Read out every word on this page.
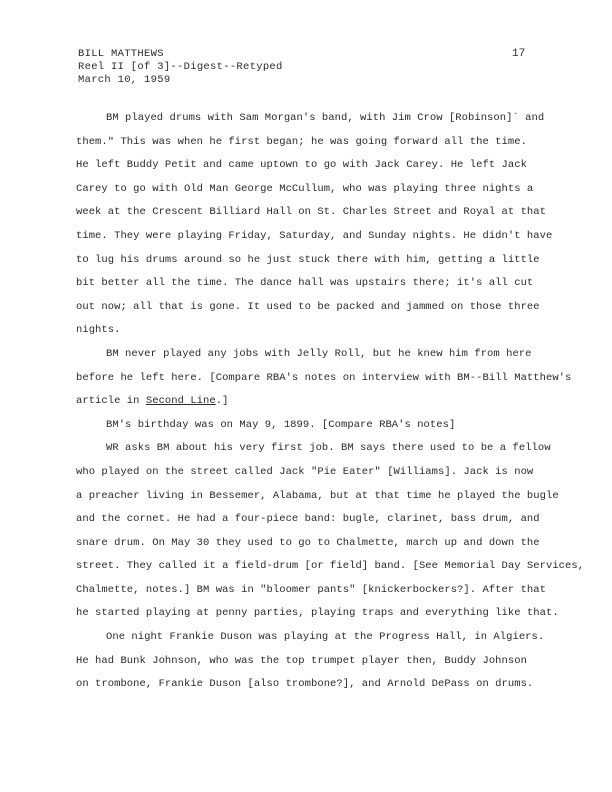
BILL MATTHEWS
Reel II [of 3]--Digest--Retyped
March 10, 1959
17
BM played drums with Sam Morgan's band, with Jim Crow [Robinson]´ and
them.ʺ This was when he first began; he was going forward all the time.
He left Buddy Petit and came uptown to go with Jack Carey. He left Jack
Carey to go with Old Man George McCullum, who was playing three nights a
week at the Crescent Billiard Hall on St. Charles Street and Royal at that
time. They were playing Friday, Saturday, and Sunday nights. He didn't have
to lug his drums around so he just stuck there with him, getting a little
bit better all the time. The dance hall was upstairs there; it's all cut
out now; all that is gone. It used to be packed and jammed on those three
nights.
BM never played any jobs with Jelly Roll, but he knew him from here
before he left here. [Compare RBA's notes on interview with BM--Bill Matthew's
article in Second Line.]
BM's birthday was on May 9, 1899. [Compare RBA's notes]
WR asks BM about his very first job. BM says there used to be a fellow
who played on the street called Jack "Pie Eater" [Williams]. Jack is now
a preacher living in Bessemer, Alabama, but at that time he played the bugle
and the cornet. He had a four-piece band: bugle, clarinet, bass drum, and
snare drum. On May 30 they used to go to Chalmette, march up and down the
street. They called it a field-drum [or field] band. [See Memorial Day Services,
Chalmette, notes.] BM was in "bloomer pants" [knickerbockers?]. After that
he started playing at penny parties, playing traps and everything like that.
One night Frankie Duson was playing at the Progress Hall, in Algiers.
He had Bunk Johnson, who was the top trumpet player then, Buddy Johnson
on trombone, Frankie Duson [also trombone?], and Arnold DePass on drums.
